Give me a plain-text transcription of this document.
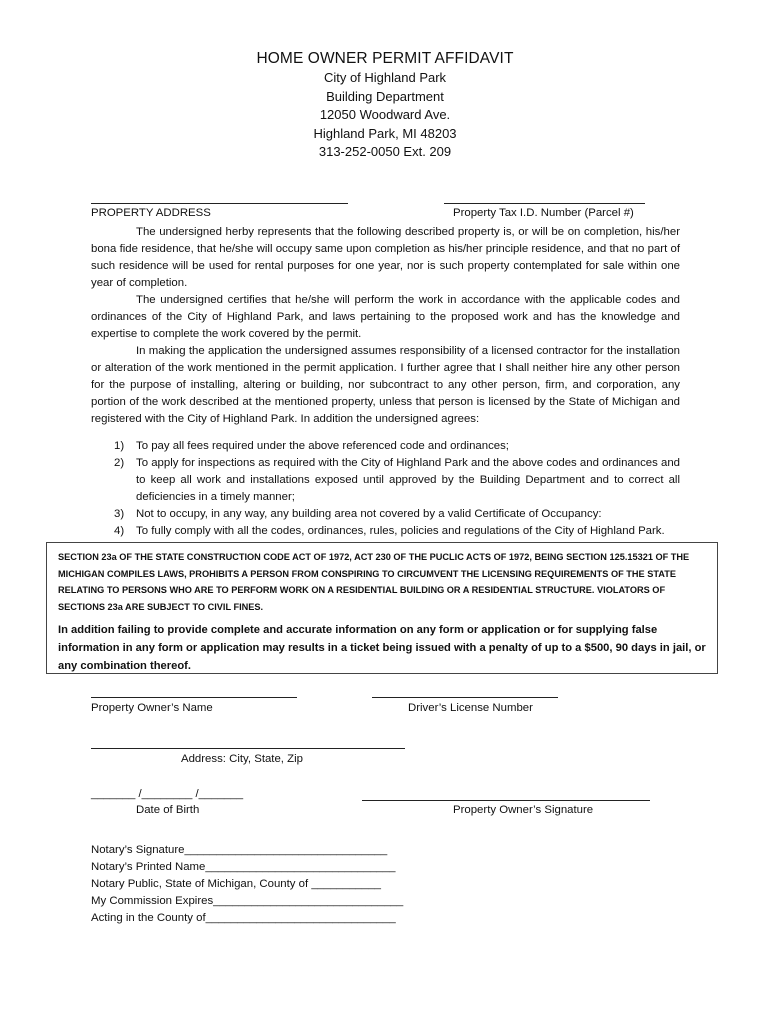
HOME OWNER PERMIT AFFIDAVIT
City of Highland Park
Building Department
12050 Woodward Ave.
Highland Park, MI 48203
313-252-0050 Ext. 209
PROPERTY ADDRESS	Property Tax I.D. Number (Parcel #)

The undersigned herby represents that the following described property is, or will be on completion, his/her bona fide residence, that he/she will occupy same upon completion as his/her principle residence, and that no part of such residence will be used for rental purposes for one year, nor is such property contemplated for sale within one year of completion.

The undersigned certifies that he/she will perform the work in accordance with the applicable codes and ordinances of the City of Highland Park, and laws pertaining to the proposed work and has the knowledge and expertise to complete the work covered by the permit.

In making the application the undersigned assumes responsibility of a licensed contractor for the installation or alteration of the work mentioned in the permit application. I further agree that I shall neither hire any other person for the purpose of installing, altering or building, nor subcontract to any other person, firm, and corporation, any portion of the work described at the mentioned property, unless that person is licensed by the State of Michigan and registered with the City of Highland Park. In addition the undersigned agrees:

1) To pay all fees required under the above referenced code and ordinances;
2) To apply for inspections as required with the City of Highland Park and the above codes and ordinances and to keep all work and installations exposed until approved by the Building Department and to correct all deficiencies in a timely manner;
3) Not to occupy, in any way, any building area not covered by a valid Certificate of Occupancy:
4) To fully comply with all the codes, ordinances, rules, policies and regulations of the City of Highland Park.
SECTION 23a OF THE STATE CONSTRUCTION CODE ACT OF 1972, ACT 230 OF THE PUCLIC ACTS OF 1972, BEING SECTION 125.15321 OF THE MICHIGAN COMPILES LAWS, PROHIBITS A PERSON FROM CONSPIRING TO CIRCUMVENT THE LICENSING REQUIREMENTS OF THE STATE RELATING TO PERSONS WHO ARE TO PERFORM WORK ON A RESIDENTIAL BUILDING OR A RESIDENTIAL STRUCTURE. VIOLATORS OF SECTIONS 23a ARE SUBJECT TO CIVIL FINES.
In addition failing to provide complete and accurate information on any form or application or for supplying false information in any form or application may results in a ticket being issued with a penalty of up to a $500, 90 days in jail, or any combination thereof.
Property Owner’s Name	Driver’s License Number
Address: City, State, Zip
_______ /________ /_______
Date of Birth	Property Owner’s Signature
Notary’s Signature________________________________
Notary’s Printed Name______________________________
Notary Public, State of Michigan, County of ___________
My Commission Expires______________________________
Acting in the County of______________________________
